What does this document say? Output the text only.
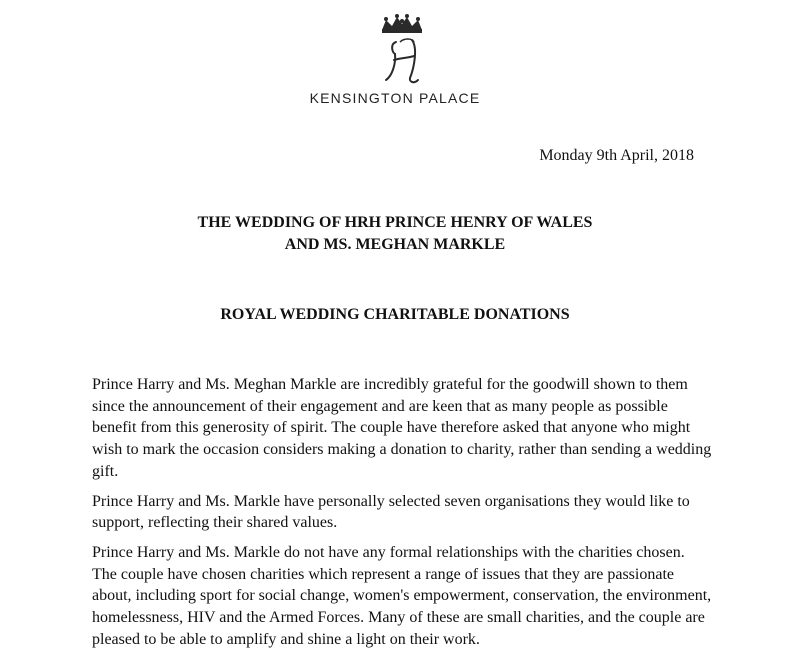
KENSINGTON PALACE
Monday 9th April, 2018
THE WEDDING OF HRH PRINCE HENRY OF WALES
AND MS. MEGHAN MARKLE
ROYAL WEDDING CHARITABLE DONATIONS

Prince Harry and Ms. Meghan Markle are incredibly grateful for the goodwill shown to them since the announcement of their engagement and are keen that as many people as possible benefit from this generosity of spirit. The couple have therefore asked that anyone who might wish to mark the occasion considers making a donation to charity, rather than sending a wedding gift.

Prince Harry and Ms. Markle have personally selected seven organisations they would like to support, reflecting their shared values.

Prince Harry and Ms. Markle do not have any formal relationships with the charities chosen. The couple have chosen charities which represent a range of issues that they are passionate about, including sport for social change, women's empowerment, conservation, the environment, homelessness, HIV and the Armed Forces. Many of these are small charities, and the couple are pleased to be able to amplify and shine a light on their work.
